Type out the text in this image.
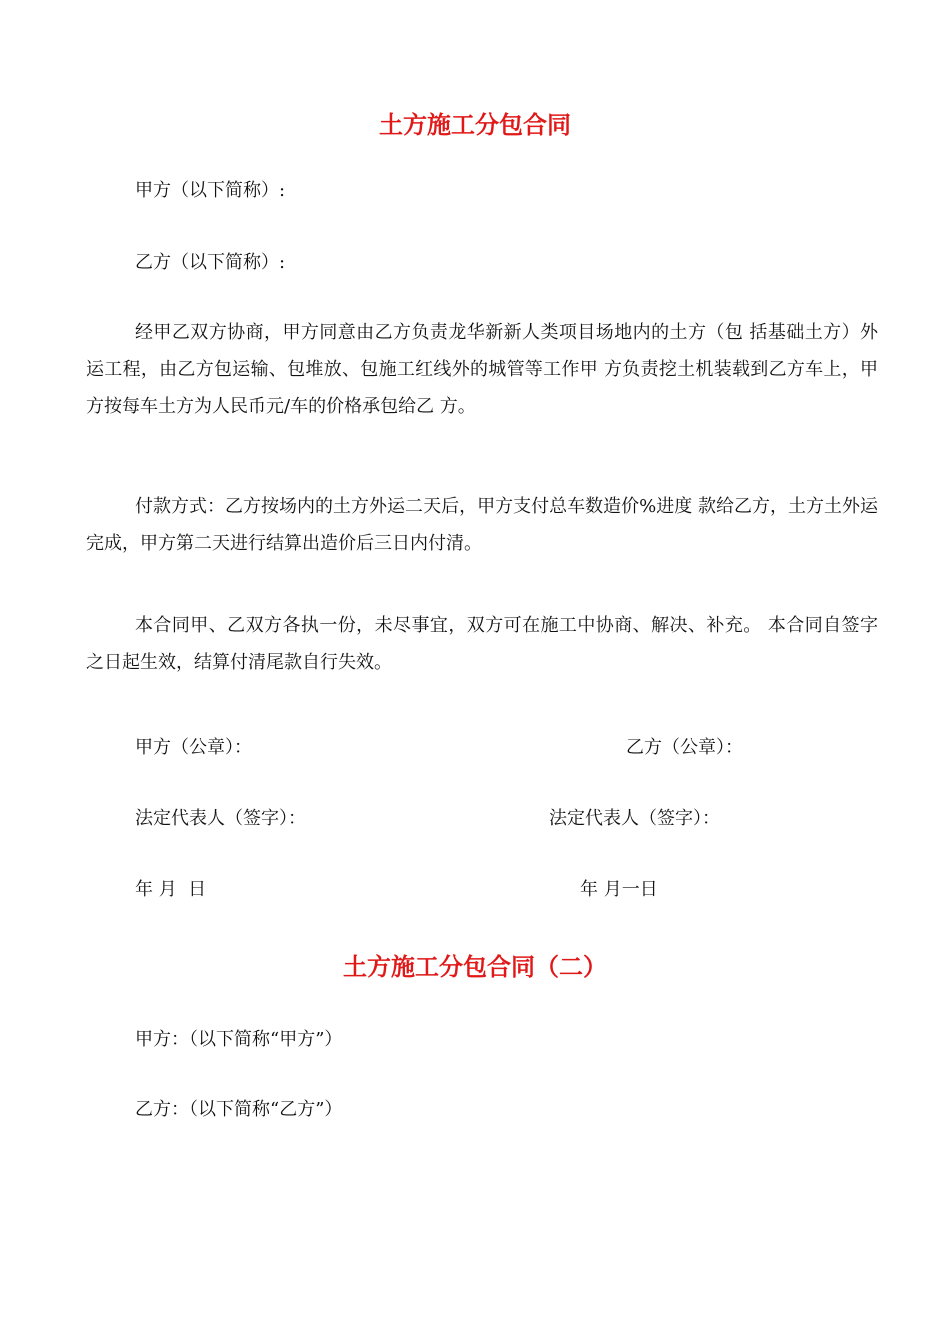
土方施工分包合同
甲方（以下简称）:
乙方（以下简称）:

经甲乙双方协商，甲方同意由乙方负责龙华新新人类项目场地内的土方（包 括基础土方）外运工程，由乙方包运输、包堆放、包施工红线外的城管等工作甲 方负责挖土机装载到乙方车上，甲方按每车土方为人民币元/车的价格承包给乙 方。

付款方式：乙方按场内的土方外运二天后，甲方支付总车数造价%进度 款给乙方，土方土外运完成，甲方第二天进行结算出造价后三日内付清。

本合同甲、乙双方各执一份，未尽事宜，双方可在施工中协商、解决、补充。 本合同自签字之日起生效，结算付清尾款自行失效。

甲方（公章）：	乙方（公章）：
法定代表人（签字）：	法定代表人（签字）：
年 月  日	年 月一日
土方施工分包合同（二）
甲方：（以下简称“甲方”）
乙方：（以下简称“乙方”）
